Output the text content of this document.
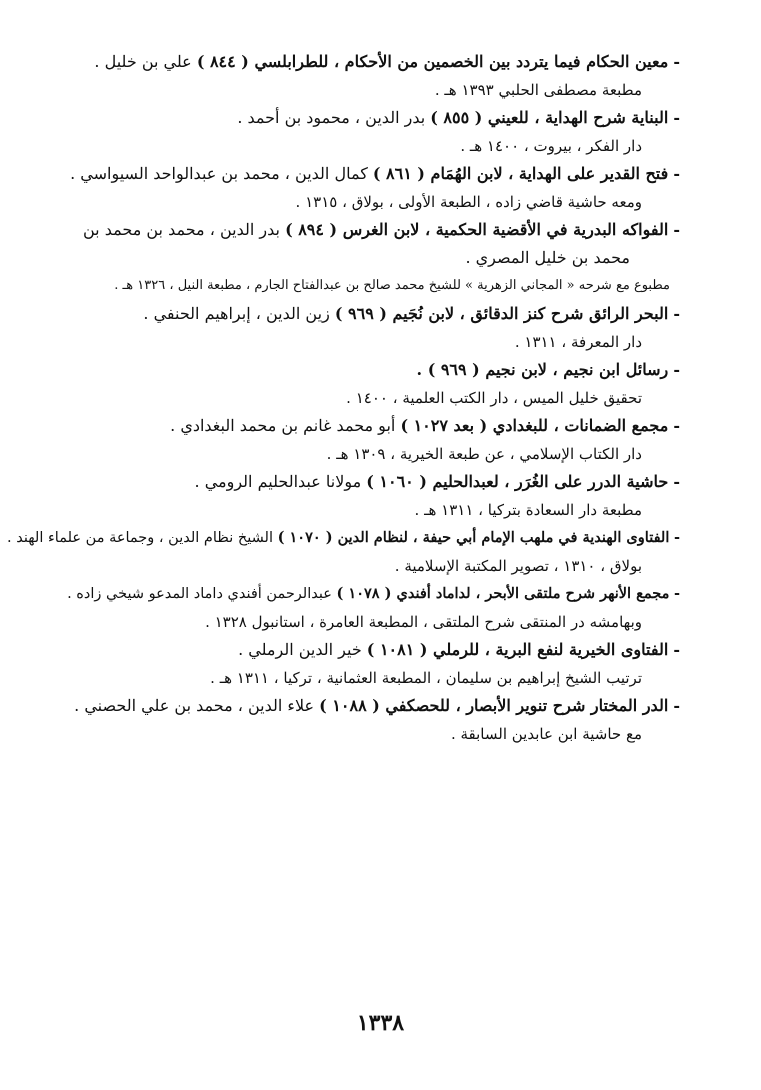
- معين الحكام فيما يتردد بين الخصمين من الأحكام ، للطرابلسي ( ٨٤٤ ) علي بن خليل .
مطبعة مصطفى الحلبي ١٣٩٣ هـ .
- البناية شرح الهداية ، للعيني ( ٨٥٥ ) بدر الدين ، محمود بن أحمد .
دار الفكر ، بيروت ، ١٤٠٠ هـ .
- فتح القدير على الهداية ، لابن الهُمَام ( ٨٦١ ) كمال الدين ، محمد بن عبدالواحد السيواسي .
ومعه حاشية قاضي زاده ، الطبعة الأولى ، بولاق ، ١٣١٥ .
- الفواكه البدرية في الأقضية الحكمية ، لابن الغرس ( ٨٩٤ ) بدر الدين ، محمد بن محمد بن
محمد بن خليل المصري .
مطبوع مع شرحه « المجاني الزهرية » للشيخ محمد صالح بن عبدالفتاح الجارم ، مطبعة النيل ، ١٣٢٦ هـ .
- البحر الرائق شرح كنز الدقائق ، لابن نُجَيم ( ٩٦٩ ) زين الدين ، إبراهيم الحنفي .
دار المعرفة ، ١٣١١ .
- رسائل ابن نجيم ، لابن نجيم ( ٩٦٩ ) .
تحقيق خليل الميس ، دار الكتب العلمية ، ١٤٠٠ .
- مجمع الضمانات ، للبغدادي ( بعد ١٠٢٧ ) أبو محمد غانم بن محمد البغدادي .
دار الكتاب الإسلامي ، عن طبعة الخيرية ، ١٣٠٩ هـ .
- حاشية الدرر على الغُرَر ، لعبدالحليم ( ١٠٦٠ ) مولانا عبدالحليم الرومي .
مطبعة دار السعادة بتركيا ، ١٣١١ هـ .
- الفتاوى الهندية في ملهب الإمام أبي حيفة ، لنظام الدين ( ١٠٧٠ ) الشيخ نظام الدين ، وجماعة من علماء الهند .
بولاق ، ١٣١٠ ، تصوير المكتبة الإسلامية .
- مجمع الأنهر شرح ملتقى الأبحر ، لداماد أفندي ( ١٠٧٨ ) عبدالرحمن أفندي داماد المدعو شيخي زاده .
وبهامشه در المنتقى شرح الملتقى ، المطبعة العامرة ، استانبول ١٣٢٨ .
- الفتاوى الخيرية لنفع البرية ، للرملي ( ١٠٨١ ) خير الدين الرملي .
ترتيب الشيخ إبراهيم بن سليمان ، المطبعة العثمانية ، تركيا ، ١٣١١ هـ .
- الدر المختار شرح تنوير الأبصار ، للحصكفي ( ١٠٨٨ ) علاء الدين ، محمد بن علي الحصني .
مع حاشية ابن عابدين السابقة .
١٣٣٨
